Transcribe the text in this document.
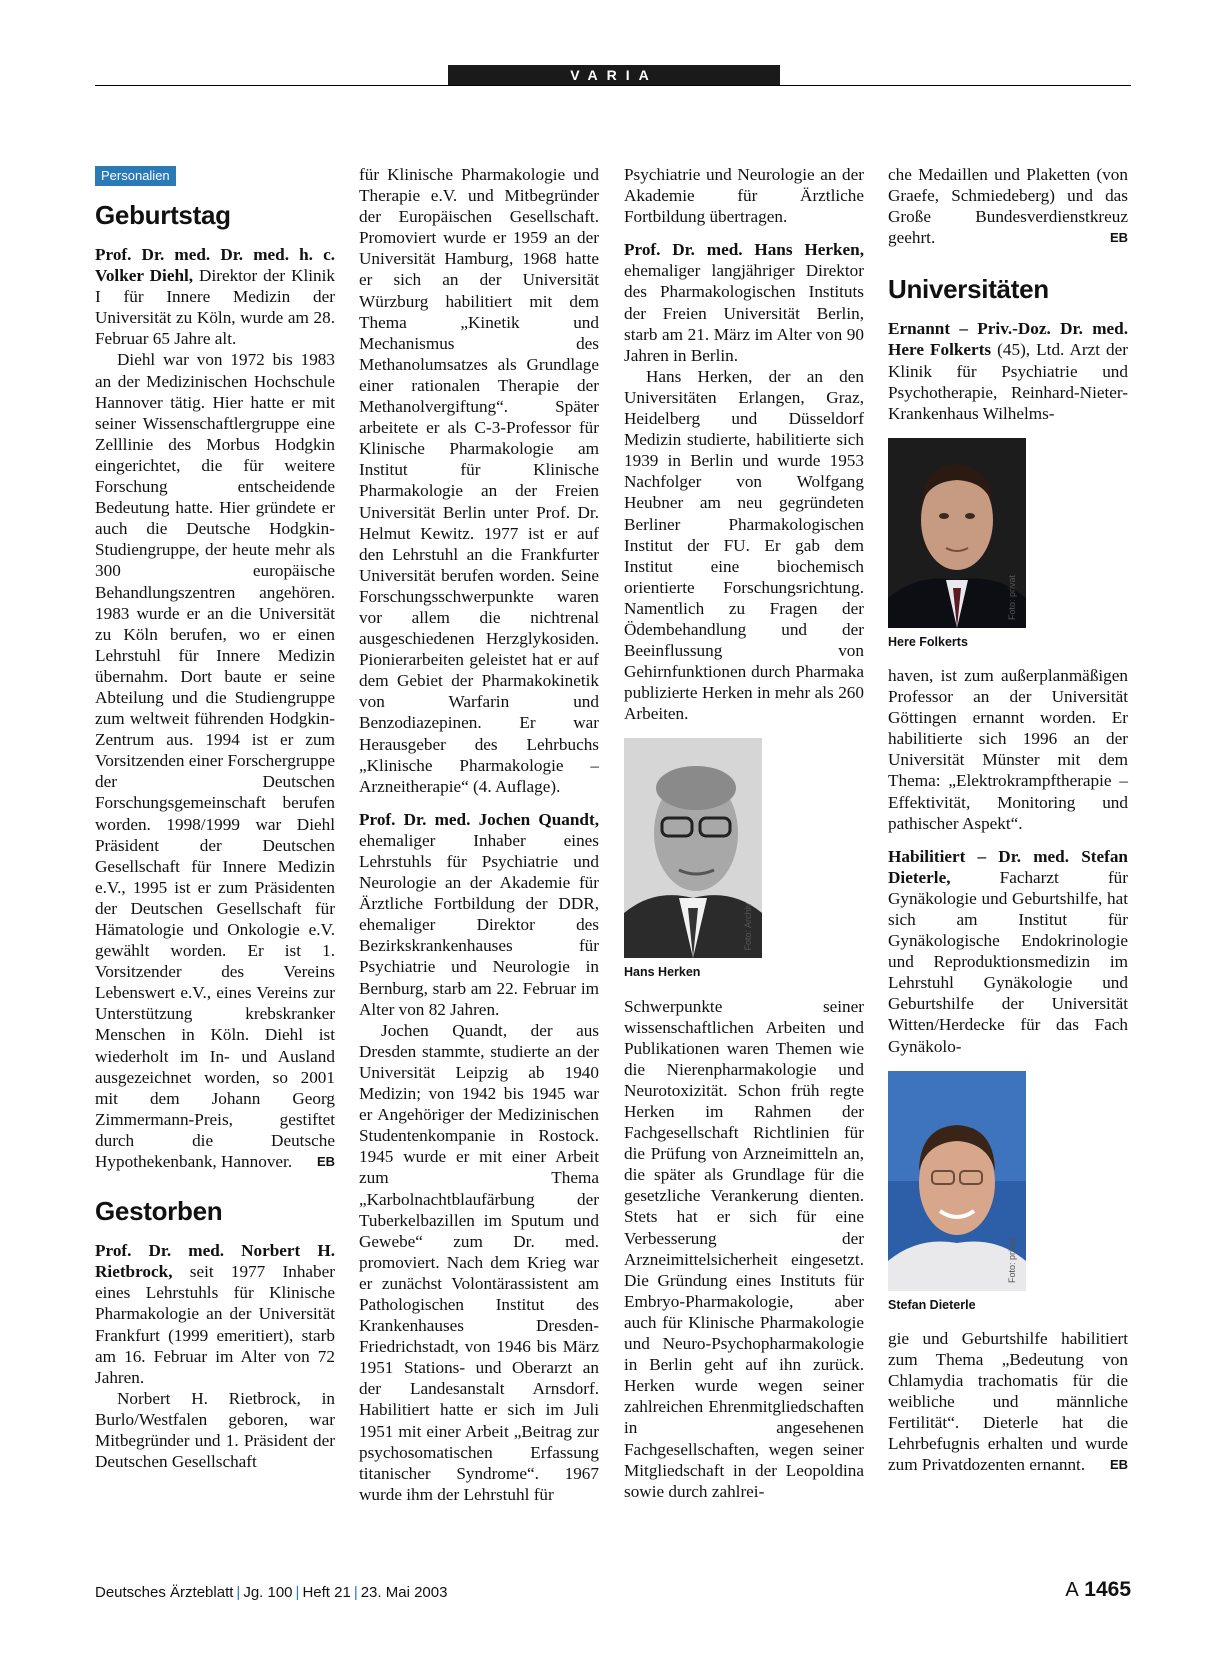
VARIA
Personalien
Geburtstag

Prof. Dr. med. Dr. med. h. c. Volker Diehl, Direktor der Klinik I für Innere Medizin der Universität zu Köln, wurde am 28. Februar 65 Jahre alt.

Diehl war von 1972 bis 1983 an der Medizinischen Hochschule Hannover tätig. Hier hatte er mit seiner Wissenschaftlergruppe eine Zelllinie des Morbus Hodgkin eingerichtet, die für weitere Forschung entscheidende Bedeutung hatte. Hier gründete er auch die Deutsche Hodgkin-Studiengruppe, der heute mehr als 300 europäische Behandlungszentren angehören. 1983 wurde er an die Universität zu Köln berufen, wo er einen Lehrstuhl für Innere Medizin übernahm. Dort baute er seine Abteilung und die Studiengruppe zum weltweit führenden Hodgkin-Zentrum aus. 1994 ist er zum Vorsitzenden einer Forschergruppe der Deutschen Forschungsgemeinschaft berufen worden. 1998/1999 war Diehl Präsident der Deutschen Gesellschaft für Innere Medizin e.V., 1995 ist er zum Präsidenten der Deutschen Gesellschaft für Hämatologie und Onkologie e.V. gewählt worden. Er ist 1. Vorsitzender des Vereins Lebenswert e.V., eines Vereins zur Unterstützung krebskranker Menschen in Köln. Diehl ist wiederholt im In- und Ausland ausgezeichnet worden, so 2001 mit dem Johann Georg Zimmermann-Preis, gestiftet durch die Deutsche Hypothekenbank, Hannover.	EB

Gestorben

Prof. Dr. med. Norbert H. Rietbrock, seit 1977 Inhaber eines Lehrstuhls für Klinische Pharmakologie an der Universität Frankfurt (1999 emeritiert), starb am 16. Februar im Alter von 72 Jahren.

Norbert H. Rietbrock, in Burlo/Westfalen geboren, war Mitbegründer und 1. Präsident der Deutschen Gesellschaft

für Klinische Pharmakologie und Therapie e.V. und Mitbegründer der Europäischen Gesellschaft. Promoviert wurde er 1959 an der Universität Hamburg, 1968 hatte er sich an der Universität Würzburg habilitiert mit dem Thema „Kinetik und Mechanismus des Methanolumsatzes als Grundlage einer rationalen Therapie der Methanolvergiftung“. Später arbeitete er als C-3-Professor für Klinische Pharmakologie am Institut für Klinische Pharmakologie an der Freien Universität Berlin unter Prof. Dr. Helmut Kewitz. 1977 ist er auf den Lehrstuhl an die Frankfurter Universität berufen worden. Seine Forschungsschwerpunkte waren vor allem die nichtrenal ausgeschiedenen Herzglykosiden. Pionierarbeiten geleistet hat er auf dem Gebiet der Pharmakokinetik von Warfarin und Benzodiazepinen. Er war Herausgeber des Lehrbuchs „Klinische Pharmakologie – Arzneitherapie“ (4. Auflage).

Prof. Dr. med. Jochen Quandt, ehemaliger Inhaber eines Lehrstuhls für Psychiatrie und Neurologie an der Akademie für Ärztliche Fortbildung der DDR, ehemaliger Direktor des Bezirkskrankenhauses für Psychiatrie und Neurologie in Bernburg, starb am 22. Februar im Alter von 82 Jahren.

Jochen Quandt, der aus Dresden stammte, studierte an der Universität Leipzig ab 1940 Medizin; von 1942 bis 1945 war er Angehöriger der Medizinischen Studentenkompanie in Rostock. 1945 wurde er mit einer Arbeit zum Thema „Karbolnachtblaufärbung der Tuberkelbazillen im Sputum und Gewebe“ zum Dr. med. promoviert. Nach dem Krieg war er zunächst Volontärassistent am Pathologischen Institut des Krankenhauses Dresden-Friedrichstadt, von 1946 bis März 1951 Stations- und Oberarzt an der Landesanstalt Arnsdorf. Habilitiert hatte er sich im Juli 1951 mit einer Arbeit „Beitrag zur psychosomatischen Erfassung titanischer Syndrome“. 1967 wurde ihm der Lehrstuhl für

Psychiatrie und Neurologie an der Akademie für Ärztliche Fortbildung übertragen.

Prof. Dr. med. Hans Herken, ehemaliger langjähriger Direktor des Pharmakologischen Instituts der Freien Universität Berlin, starb am 21. März im Alter von 90 Jahren in Berlin.

Hans Herken, der an den Universitäten Erlangen, Graz, Heidelberg und Düsseldorf Medizin studierte, habilitierte sich 1939 in Berlin und wurde 1953 Nachfolger von Wolfgang Heubner am neu gegründeten Berliner Pharmakologischen Institut der FU. Er gab dem Institut eine biochemisch orientierte Forschungsrichtung. Namentlich zu Fragen der Ödembehandlung und der Beeinflussung von Gehirnfunktionen durch Pharmaka publizierte Herken in mehr als 260 Arbeiten.

Foto: Archiv
Hans Herken

Schwerpunkte seiner wissenschaftlichen Arbeiten und Publikationen waren Themen wie die Nierenpharmakologie und Neurotoxizität. Schon früh regte Herken im Rahmen der Fachgesellschaft Richtlinien für die Prüfung von Arzneimitteln an, die später als Grundlage für die gesetzliche Verankerung dienten. Stets hat er sich für eine Verbesserung der Arzneimittelsicherheit eingesetzt. Die Gründung eines Instituts für Embryo-Pharmakologie, aber auch für Klinische Pharmakologie und Neuro-Psychopharmakologie in Berlin geht auf ihn zurück. Herken wurde wegen seiner zahlreichen Ehrenmitgliedschaften in angesehenen Fachgesellschaften, wegen seiner Mitgliedschaft in der Leopoldina sowie durch zahlrei-

che Medaillen und Plaketten (von Graefe, Schmiedeberg) und das Große Bundesverdienstkreuz geehrt.	EB

Universitäten

Ernannt – Priv.-Doz. Dr. med. Here Folkerts (45), Ltd. Arzt der Klinik für Psychiatrie und Psychotherapie, Reinhard-Nieter-Krankenhaus Wilhelms-

Foto: privat
Here Folkerts

haven, ist zum außerplanmäßigen Professor an der Universität Göttingen ernannt worden. Er habilitierte sich 1996 an der Universität Münster mit dem Thema: „Elektrokrampftherapie – Effektivität, Monitoring und pathischer Aspekt“.

Habilitiert – Dr. med. Stefan Dieterle, Facharzt für Gynäkologie und Geburtshilfe, hat sich am Institut für Gynäkologische Endokrinologie und Reproduktionsmedizin im Lehrstuhl Gynäkologie und Geburtshilfe der Universität Witten/Herdecke für das Fach Gynäkolo-

Foto: privat
Stefan Dieterle

gie und Geburtshilfe habilitiert zum Thema „Bedeutung von Chlamydia trachomatis für die weibliche und männliche Fertilität“. Dieterle hat die Lehrbefugnis erhalten und wurde zum Privatdozenten ernannt. EB

Deutsches Ärzteblatt | Jg. 100 | Heft 21 | 23. Mai 2003	A 1465
